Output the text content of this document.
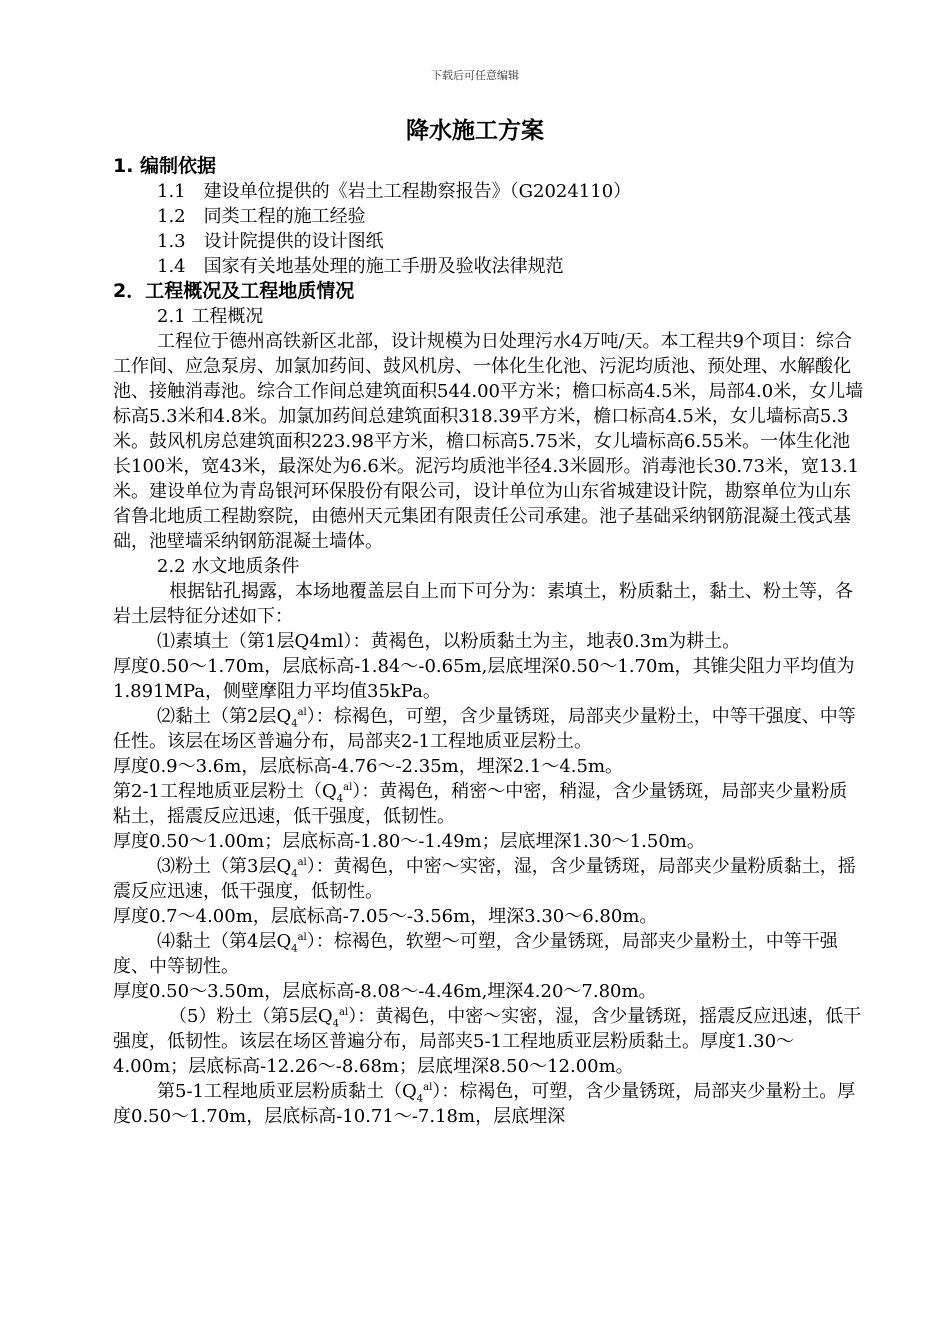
下载后可任意编辑
降水施工方案

1. 编制依据

1.1　建设单位提供的《岩土工程勘察报告》（G2024110）

1.2　同类工程的施工经验

1.3　设计院提供的设计图纸

1.4　国家有关地基处理的施工手册及验收法律规范

2．工程概况及工程地质情况

2.1 工程概况

工程位于德州高铁新区北部，设计规模为日处理污水4万吨/天。本工程共9个项目：综合工作间、应急泵房、加氯加药间、鼓风机房、一体化生化池、污泥均质池、预处理、水解酸化池、接触消毒池。综合工作间总建筑面积544.00平方米；檐口标高4.5米，局部4.0米，女儿墙标高5.3米和4.8米。加氯加药间总建筑面积318.39平方米，檐口标高4.5米，女儿墙标高5.3米。鼓风机房总建筑面积223.98平方米，檐口标高5.75米，女儿墙标高6.55米。一体生化池长100米，宽43米，最深处为6.6米。泥污均质池半径4.3米圆形。消毒池长30.73米，宽13.1米。建设单位为青岛银河环保股份有限公司，设计单位为山东省城建设计院，勘察单位为山东省鲁北地质工程勘察院，由德州天元集团有限责任公司承建。池子基础采纳钢筋混凝土筏式基础，池壁墙采纳钢筋混凝土墙体。

2.2 水文地质条件

根据钻孔揭露，本场地覆盖层自上而下可分为：素填土，粉质黏土，黏土、粉土等，各岩土层特征分述如下：

⑴素填土（第1层Q4ml）：黄褐色，以粉质黏土为主，地表0.3m为耕土。

厚度0.50～1.70m，层底标高-1.84～-0.65m,层底埋深0.50～1.70m，其锥尖阻力平均值为1.891MPa，侧壁摩阻力平均值35kPa。

⑵黏土（第2层$Q_4^{al}$）：棕褐色，可塑，含少量锈斑，局部夹少量粉土，中等干强度、中等任性。该层在场区普遍分布，局部夹2-1工程地质亚层粉土。

厚度0.9～3.6m，层底标高-4.76～-2.35m，埋深2.1～4.5m。

第2-1工程地质亚层粉土$(Q_4^{al})$：黄褐色，稍密～中密，稍湿，含少量锈斑，局部夹少量粉质粘土，摇震反应迅速，低干强度，低韧性。

厚度0.50～1.00m；层底标高-1.80～-1.49m；层底埋深1.30～1.50m。

⑶粉土（第3层$Q_4^{al}$）：黄褐色，中密～实密，湿，含少量锈斑，局部夹少量粉质黏土，摇震反应迅速，低干强度，低韧性。

厚度0.7～4.00m，层底标高-7.05～-3.56m，埋深3.30～6.80m。

⑷黏土（第4层$Q_4^{al}$）：棕褐色，软塑～可塑，含少量锈斑，局部夹少量粉土，中等干强度、中等韧性。

厚度0.50～3.50m，层底标高-8.08～-4.46m,埋深4.20～7.80m。

（5）粉土（第5层$Q_4^{al}$）：黄褐色，中密～实密，湿，含少量锈斑，摇震反应迅速，低干强度，低韧性。该层在场区普遍分布，局部夹5-1工程地质亚层粉质黏土。厚度1.30～4.00m；层底标高-12.26～-8.68m；层底埋深8.50～12.00m。

第5-1工程地质亚层粉质黏土$(Q_4^{al})$：棕褐色，可塑，含少量锈斑，局部夹少量粉土。厚度0.50～1.70m，层底标高-10.71～-7.18m，层底埋深
